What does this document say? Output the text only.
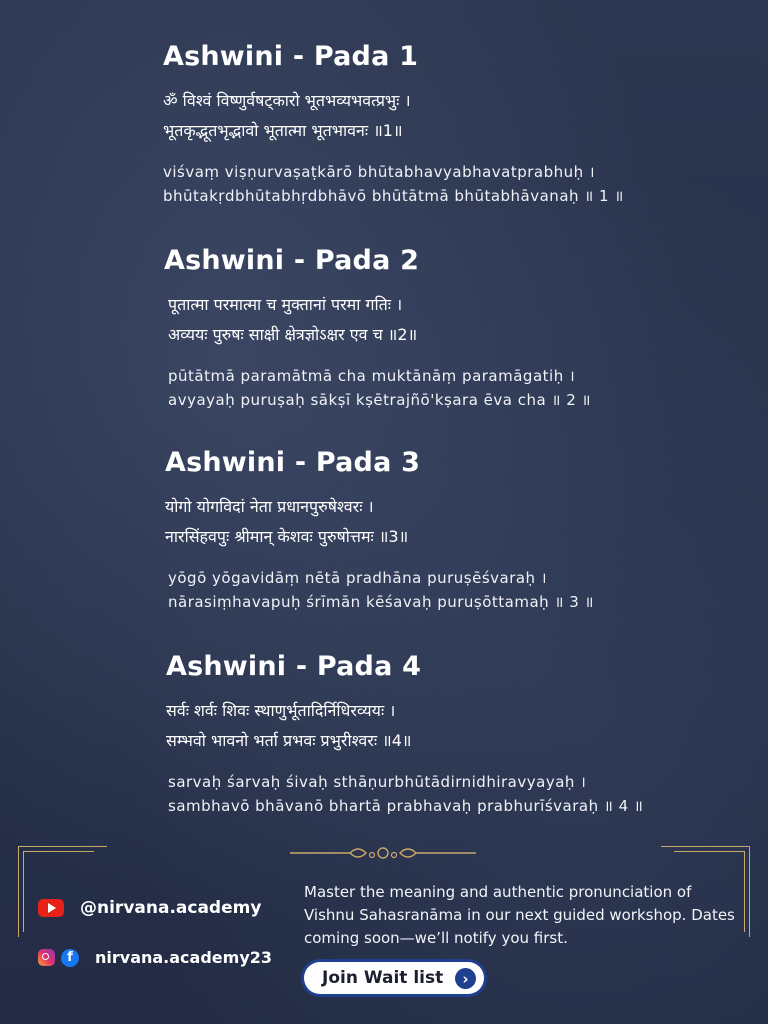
Ashwini - Pada 1
ॐ विश्वं विष्णुर्वषट्कारो भूतभव्यभवत्प्रभुः ।
भूतकृद्भूतभृद्भावो भूतात्मा भूतभावनः ॥1॥
viśvaṃ viṣṇurvaṣaṭkārō bhūtabhavyabhavatprabhuḥ ।
bhūtakṛdbhūtabhṛdbhāvō bhūtātmā bhūtabhāvanaḥ ॥ 1 ॥
Ashwini - Pada 2
पूतात्मा परमात्मा च मुक्तानां परमा गतिः ।
अव्ययः पुरुषः साक्षी क्षेत्रज्ञोऽक्षर एव च ॥2॥
pūtātmā paramātmā cha muktānāṃ paramāgatiḥ ।
avyayaḥ puruṣaḥ sākṣī kṣētrajñō'kṣara ēva cha ॥ 2 ॥
Ashwini - Pada 3
योगो योगविदां नेता प्रधानपुरुषेश्वरः ।
नारसिंहवपुः श्रीमान् केशवः पुरुषोत्तमः ॥3॥
yōgō yōgavidāṃ nētā pradhāna puruṣēśvaraḥ ।
nārasiṃhavapuḥ śrīmān kēśavaḥ puruṣōttamaḥ ॥ 3 ॥
Ashwini - Pada 4
सर्वः शर्वः शिवः स्थाणुर्भूतादिर्निधिरव्ययः ।
सम्भवो भावनो भर्ता प्रभवः प्रभुरीश्वरः ॥4॥
sarvaḥ śarvaḥ śivaḥ sthāṇurbhūtādirnidhiravyayaḥ ।
sambhavō bhāvanō bhartā prabhavaḥ prabhurīśvaraḥ ॥ 4 ॥
@nirvana.academy
f	nirvana.academy23
Master the meaning and authentic pronunciation of Vishnu Sahasranāma in our next guided workshop. Dates coming soon—we’ll notify you first.
Join Wait list	›
